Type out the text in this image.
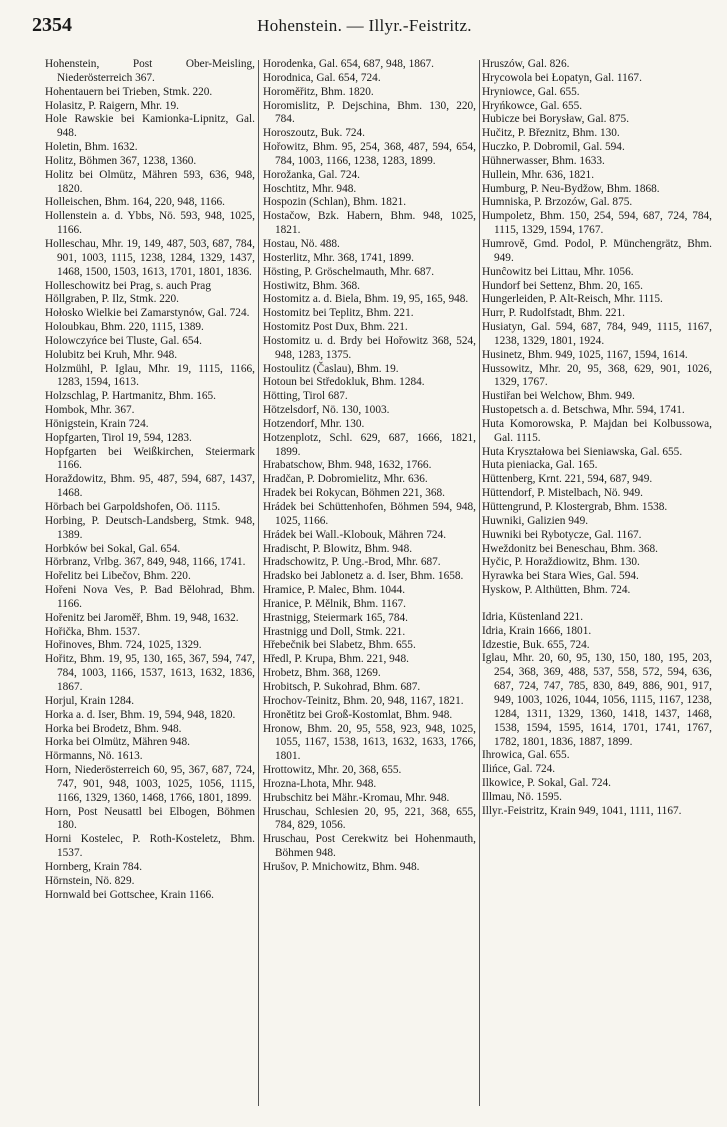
2354	Hohenstein. — Illyr.-Feistritz.
Hohenstein, Post Ober-Meisling, Niederösterreich 367.
Hohentauern bei Trieben, Stmk. 220.
Holasitz, P. Raigern, Mhr. 19.
Hole Rawskie bei Kamionka-Lipnitz, Gal. 948.
Holetin, Bhm. 1632.
Holitz, Böhmen 367, 1238, 1360.
Holitz bei Olmütz, Mähren 593, 636, 948, 1820.
Holleischen, Bhm. 164, 220, 948, 1166.
Hollenstein a. d. Ybbs, Nö. 593, 948, 1025, 1166.
Holleschau, Mhr. 19, 149, 487, 503, 687, 784, 901, 1003, 1115, 1238, 1284, 1329, 1437, 1468, 1500, 1503, 1613, 1701, 1801, 1836.
Holleschowitz bei Prag, s. auch Prag
Höllgraben, P. Ilz, Stmk. 220.
Hołosko Wielkie bei Zamarstynów, Gal. 724.
Holoubkau, Bhm. 220, 1115, 1389.
Holowczyńce bei Tluste, Gal. 654.
Holubitz bei Kruh, Mhr. 948.
Holzmühl, P. Iglau, Mhr. 19, 1115, 1166, 1283, 1594, 1613.
Holzschlag, P. Hartmanitz, Bhm. 165.
Hombok, Mhr. 367.
Hönigstein, Krain 724.
Hopfgarten, Tirol 19, 594, 1283.
Hopfgarten bei Weißkirchen, Steiermark 1166.
Horaždowitz, Bhm. 95, 487, 594, 687, 1437, 1468.
Hörbach bei Garpoldshofen, Oö. 1115.
Horbing, P. Deutsch-Landsberg, Stmk. 948, 1389.
Horbków bei Sokal, Gal. 654.
Hörbranz, Vrlbg. 367, 849, 948, 1166, 1741.
Hořelitz bei Libečov, Bhm. 220.
Hořeni Nova Ves, P. Bad Bělohrad, Bhm. 1166.
Hořenitz bei Jaroměř, Bhm. 19, 948, 1632.
Hořička, Bhm. 1537.
Hořinoves, Bhm. 724, 1025, 1329.
Hořitz, Bhm. 19, 95, 130, 165, 367, 594, 747, 784, 1003, 1166, 1537, 1613, 1632, 1836, 1867.
Horjul, Krain 1284.
Horka a. d. Iser, Bhm. 19, 594, 948, 1820.
Horka bei Brodetz, Bhm. 948.
Horka bei Olmütz, Mähren 948.
Hörmanns, Nö. 1613.
Horn, Niederösterreich 60, 95, 367, 687, 724, 747, 901, 948, 1003, 1025, 1056, 1115, 1166, 1329, 1360, 1468, 1766, 1801, 1899.
Horn, Post Neusattl bei Elbogen, Böhmen 180.
Horni Kostelec, P. Roth-Kosteletz, Bhm. 1537.
Hornberg, Krain 784.
Hörnstein, Nö. 829.
Hornwald bei Gottschee, Krain 1166.
Horodenka, Gal. 654, 687, 948, 1867.
Horodnica, Gal. 654, 724.
Horoměřitz, Bhm. 1820.
Horomislitz, P. Dejschina, Bhm. 130, 220, 784.
Horoszoutz, Buk. 724.
Hořowitz, Bhm. 95, 254, 368, 487, 594, 654, 784, 1003, 1166, 1238, 1283, 1899.
Horožanka, Gal. 724.
Hoschtitz, Mhr. 948.
Hospozin (Schlan), Bhm. 1821.
Hostačow, Bzk. Habern, Bhm. 948, 1025, 1821.
Hostau, Nö. 488.
Hosterlitz, Mhr. 368, 1741, 1899.
Hösting, P. Gröschelmauth, Mhr. 687.
Hostiwitz, Bhm. 368.
Hostomitz a. d. Biela, Bhm. 19, 95, 165, 948.
Hostomitz bei Teplitz, Bhm. 221.
Hostomitz Post Dux, Bhm. 221.
Hostomitz u. d. Brdy bei Hořowitz 368, 524, 948, 1283, 1375.
Hostoulitz (Časlau), Bhm. 19.
Hotoun bei Středokluk, Bhm. 1284.
Hötting, Tirol 687.
Hötzelsdorf, Nö. 130, 1003.
Hotzendorf, Mhr. 130.
Hotzenplotz, Schl. 629, 687, 1666, 1821, 1899.
Hrabatschow, Bhm. 948, 1632, 1766.
Hradčan, P. Dobromielitz, Mhr. 636.
Hradek bei Rokycan, Böhmen 221, 368.
Hrádek bei Schüttenhofen, Böhmen 594, 948, 1025, 1166.
Hrádek bei Wall.-Klobouk, Mähren 724.
Hradischt, P. Blowitz, Bhm. 948.
Hradschowitz, P. Ung.-Brod, Mhr. 687.
Hradsko bei Jablonetz a. d. Iser, Bhm. 1658.
Hramice, P. Malec, Bhm. 1044.
Hranice, P. Mělnik, Bhm. 1167.
Hrastnigg, Steiermark 165, 784.
Hrastnigg und Doll, Stmk. 221.
Hřebečnik bei Slabetz, Bhm. 655.
Hředl, P. Krupa, Bhm. 221, 948.
Hrobetz, Bhm. 368, 1269.
Hrobitsch, P. Sukohrad, Bhm. 687.
Hrochov-Teinitz, Bhm. 20, 948, 1167, 1821.
Hronětitz bei Groß-Kostomlat, Bhm. 948.
Hronow, Bhm. 20, 95, 558, 923, 948, 1025, 1055, 1167, 1538, 1613, 1632, 1633, 1766, 1801.
Hrottowitz, Mhr. 20, 368, 655.
Hrozna-Lhota, Mhr. 948.
Hrubschitz bei Mähr.-Kromau, Mhr. 948.
Hruschau, Schlesien 20, 95, 221, 368, 655, 784, 829, 1056.
Hruschau, Post Cerekwitz bei Hohenmauth, Böhmen 948.
Hrušov, P. Mnichowitz, Bhm. 948.
Hruszów, Gal. 826.
Hrycowola bei Łopatyn, Gal. 1167.
Hryniowce, Gal. 655.
Hryńkowce, Gal. 655.
Hubicze bei Borysław, Gal. 875.
Hučitz, P. Březnitz, Bhm. 130.
Huczko, P. Dobromil, Gal. 594.
Hühnerwasser, Bhm. 1633.
Hullein, Mhr. 636, 1821.
Humburg, P. Neu-Bydžow, Bhm. 1868.
Humniska, P. Brzozów, Gal. 875.
Humpoletz, Bhm. 150, 254, 594, 687, 724, 784, 1115, 1329, 1594, 1767.
Humrovĕ, Gmd. Podol, P. Münchengrätz, Bhm. 949.
Hunĉowitz bei Littau, Mhr. 1056.
Hundorf bei Settenz, Bhm. 20, 165.
Hungerleiden, P. Alt-Reisch, Mhr. 1115.
Hurr, P. Rudolfstadt, Bhm. 221.
Husiatyn, Gal. 594, 687, 784, 949, 1115, 1167, 1238, 1329, 1801, 1924.
Husinetz, Bhm. 949, 1025, 1167, 1594, 1614.
Hussowitz, Mhr. 20, 95, 368, 629, 901, 1026, 1329, 1767.
Hustiřan bei Welchow, Bhm. 949.
Hustopetsch a. d. Betschwa, Mhr. 594, 1741.
Huta Komorowska, P. Majdan bei Kolbussowa, Gal. 1115.
Huta Kryształowa bei Sieniawska, Gal. 655.
Huta pieniacka, Gal. 165.
Hüttenberg, Krnt. 221, 594, 687, 949.
Hüttendorf, P. Mistelbach, Nö. 949.
Hüttengrund, P. Klostergrab, Bhm. 1538.
Huwniki, Galizien 949.
Huwniki bei Rybotycze, Gal. 1167.
Hweždonitz bei Beneschau, Bhm. 368.
Hyčic, P. Horaždiowitz, Bhm. 130.
Hyrawka bei Stara Wies, Gal. 594.
Hyskow, P. Althütten, Bhm. 724.
Idria, Küstenland 221.
Idria, Krain 1666, 1801.
Idzestie, Buk. 655, 724.
Iglau, Mhr. 20, 60, 95, 130, 150, 180, 195, 203, 254, 368, 369, 488, 537, 558, 572, 594, 636, 687, 724, 747, 785, 830, 849, 886, 901, 917, 949, 1003, 1026, 1044, 1056, 1115, 1167, 1238, 1284, 1311, 1329, 1360, 1418, 1437, 1468, 1538, 1594, 1595, 1614, 1701, 1741, 1767, 1782, 1801, 1836, 1887, 1899.
Ihrowica, Gal. 655.
Ilińce, Gal. 724.
Ilkowice, P. Sokal, Gal. 724.
Illmau, Nö. 1595.
Illyr.-Feistritz, Krain 949, 1041, 1111, 1167.
